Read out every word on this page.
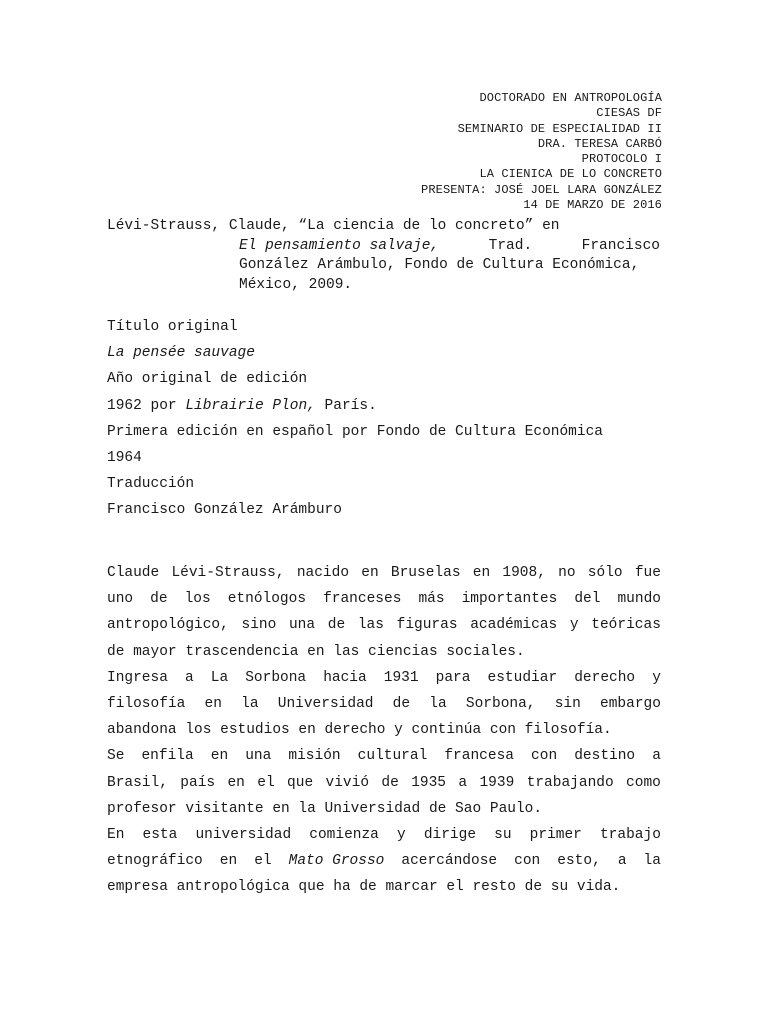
DOCTORADO EN ANTROPOLOGÍA
CIESAS DF
SEMINARIO DE ESPECIALIDAD II
DRA. TERESA CARBÓ
PROTOCOLO I
LA CIENICA DE LO CONCRETO
PRESENTA: JOSÉ JOEL LARA GONZÁLEZ
14 DE MARZO DE 2016
Lévi-Strauss, Claude, “La ciencia de lo concreto” en
El pensamiento salvaje,	Trad.	Francisco
González Arámbulo, Fondo de Cultura Económica,
México, 2009.
Título original
La pensée sauvage
Año original de edición
1962 por Librairie Plon, París.
Primera edición en español por Fondo de Cultura Económica
1964
Traducción
Francisco González Arámburo
Claude Lévi-Strauss, nacido en Bruselas en 1908, no sólo fue
uno de los etnólogos franceses más importantes del mundo
antropológico, sino una de las figuras académicas y teóricas
de mayor trascendencia en las ciencias sociales.
Ingresa a La Sorbona hacia 1931 para estudiar derecho y
filosofía en la Universidad de la Sorbona, sin embargo
abandona los estudios en derecho y continúa con filosofía.
Se enfila en una misión cultural francesa con destino a
Brasil, país en el que vivió de 1935 a 1939 trabajando como
profesor visitante en la Universidad de Sao Paulo.
En esta universidad comienza y dirige su primer trabajo
etnográfico en el Mato Grosso acercándose con esto, a la
empresa antropológica que ha de marcar el resto de su vida.
